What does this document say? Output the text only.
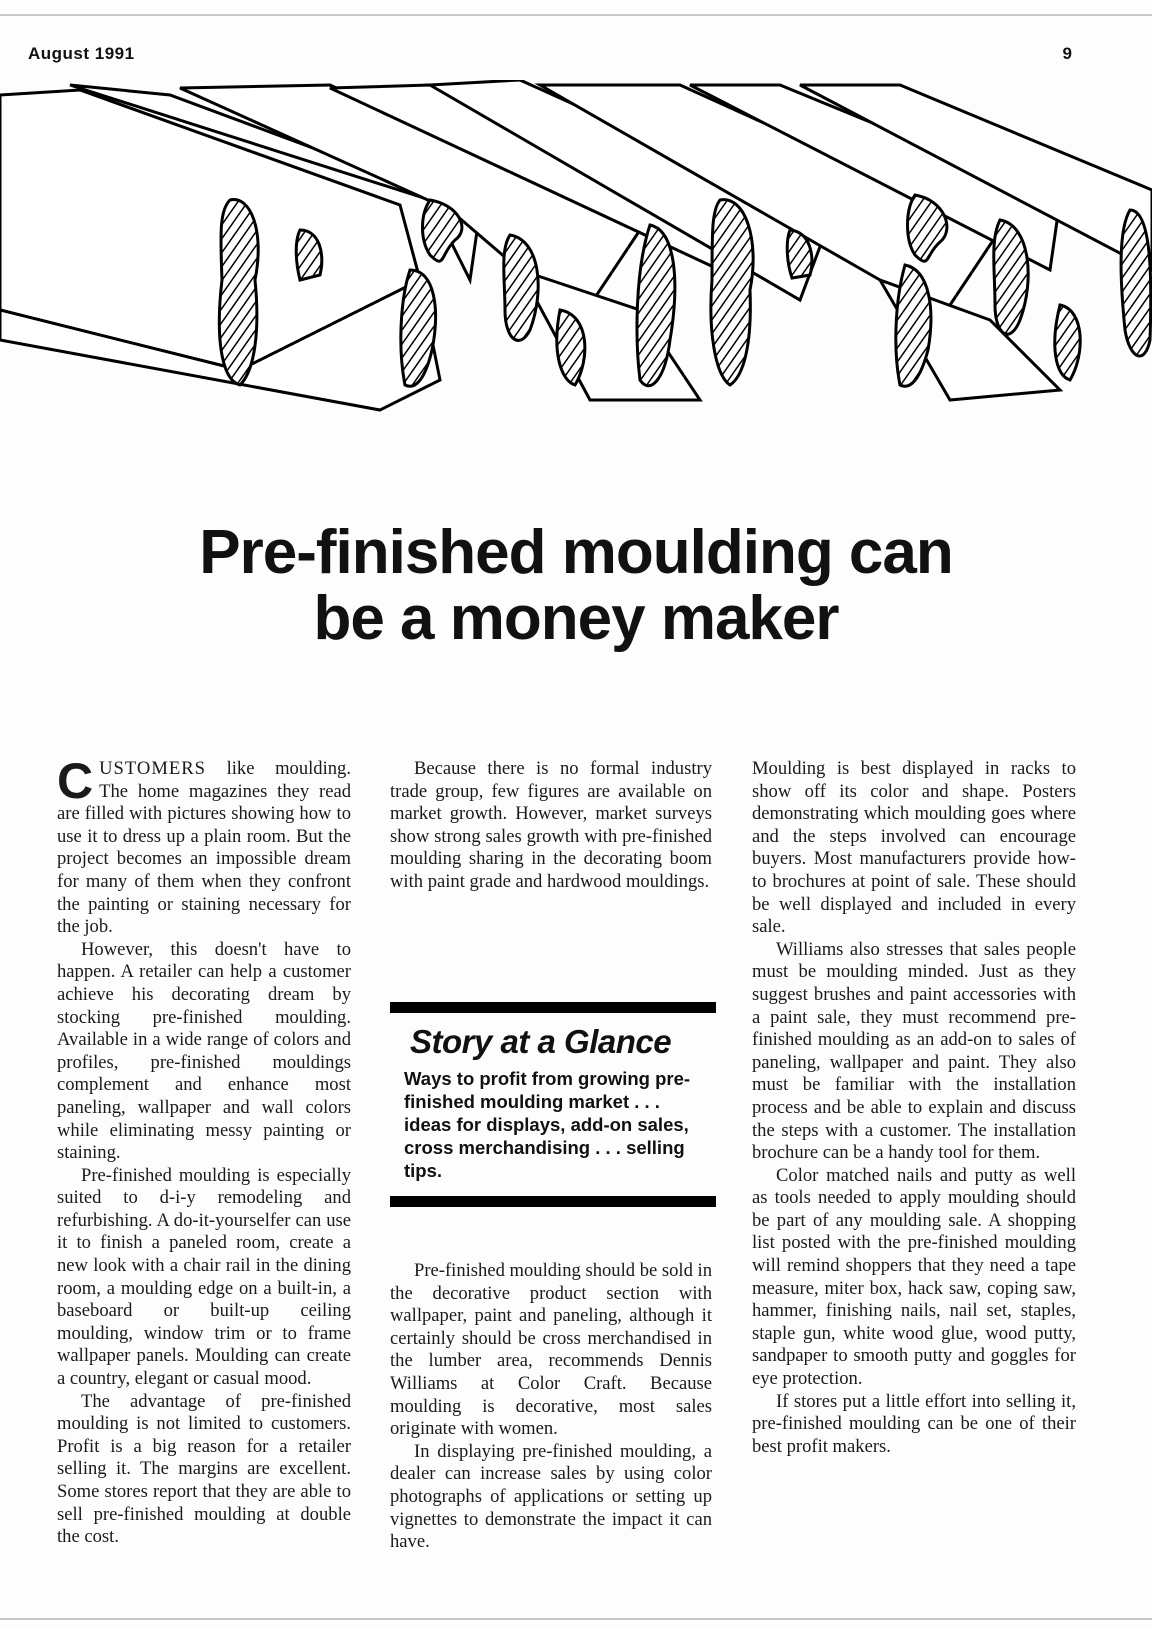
August 1991	9
Pre-finished moulding can
be a money maker

CUSTOMERS like moulding. The home magazines they read are filled with pictures showing how to use it to dress up a plain room. But the project becomes an impossible dream for many of them when they confront the painting or staining necessary for the job.

However, this doesn't have to happen. A retailer can help a customer achieve his decorating dream by stocking pre-finished moulding. Available in a wide range of colors and profiles, pre-finished mouldings complement and enhance most paneling, wallpaper and wall colors while eliminating messy painting or staining.

Pre-finished moulding is especially suited to d-i-y remodeling and refurbishing. A do-it-yourselfer can use it to finish a paneled room, create a new look with a chair rail in the dining room, a moulding edge on a built-in, a baseboard or built-up ceiling moulding, window trim or to frame wallpaper panels. Moulding can create a country, elegant or casual mood.

The advantage of pre-finished moulding is not limited to customers. Profit is a big reason for a retailer selling it. The margins are excellent. Some stores report that they are able to sell pre-finished moulding at double the cost.

Because there is no formal industry trade group, few figures are available on market growth. However, market surveys show strong sales growth with pre-finished moulding sharing in the decorating boom with paint grade and hardwood mouldings.

Story at a Glance
Ways to profit from growing pre-finished moulding market . . . ideas for displays, add-on sales, cross merchandising . . . selling tips.

Pre-finished moulding should be sold in the decorative product section with wallpaper, paint and paneling, although it certainly should be cross merchandised in the lumber area, recommends Dennis Williams at Color Craft. Because moulding is decorative, most sales originate with women.

In displaying pre-finished moulding, a dealer can increase sales by using color photographs of applications or setting up vignettes to demonstrate the impact it can have.

Moulding is best displayed in racks to show off its color and shape. Posters demonstrating which moulding goes where and the steps involved can encourage buyers. Most manufacturers provide how-to brochures at point of sale. These should be well displayed and included in every sale.

Williams also stresses that sales people must be moulding minded. Just as they suggest brushes and paint accessories with a paint sale, they must recommend pre-finished moulding as an add-on to sales of paneling, wallpaper and paint. They also must be familiar with the installation process and be able to explain and discuss the steps with a customer. The installation brochure can be a handy tool for them.

Color matched nails and putty as well as tools needed to apply moulding should be part of any moulding sale. A shopping list posted with the pre-finished moulding will remind shoppers that they need a tape measure, miter box, hack saw, coping saw, hammer, finishing nails, nail set, staples, staple gun, white wood glue, wood putty, sandpaper to smooth putty and goggles for eye protection.

If stores put a little effort into selling it, pre-finished moulding can be one of their best profit makers.
